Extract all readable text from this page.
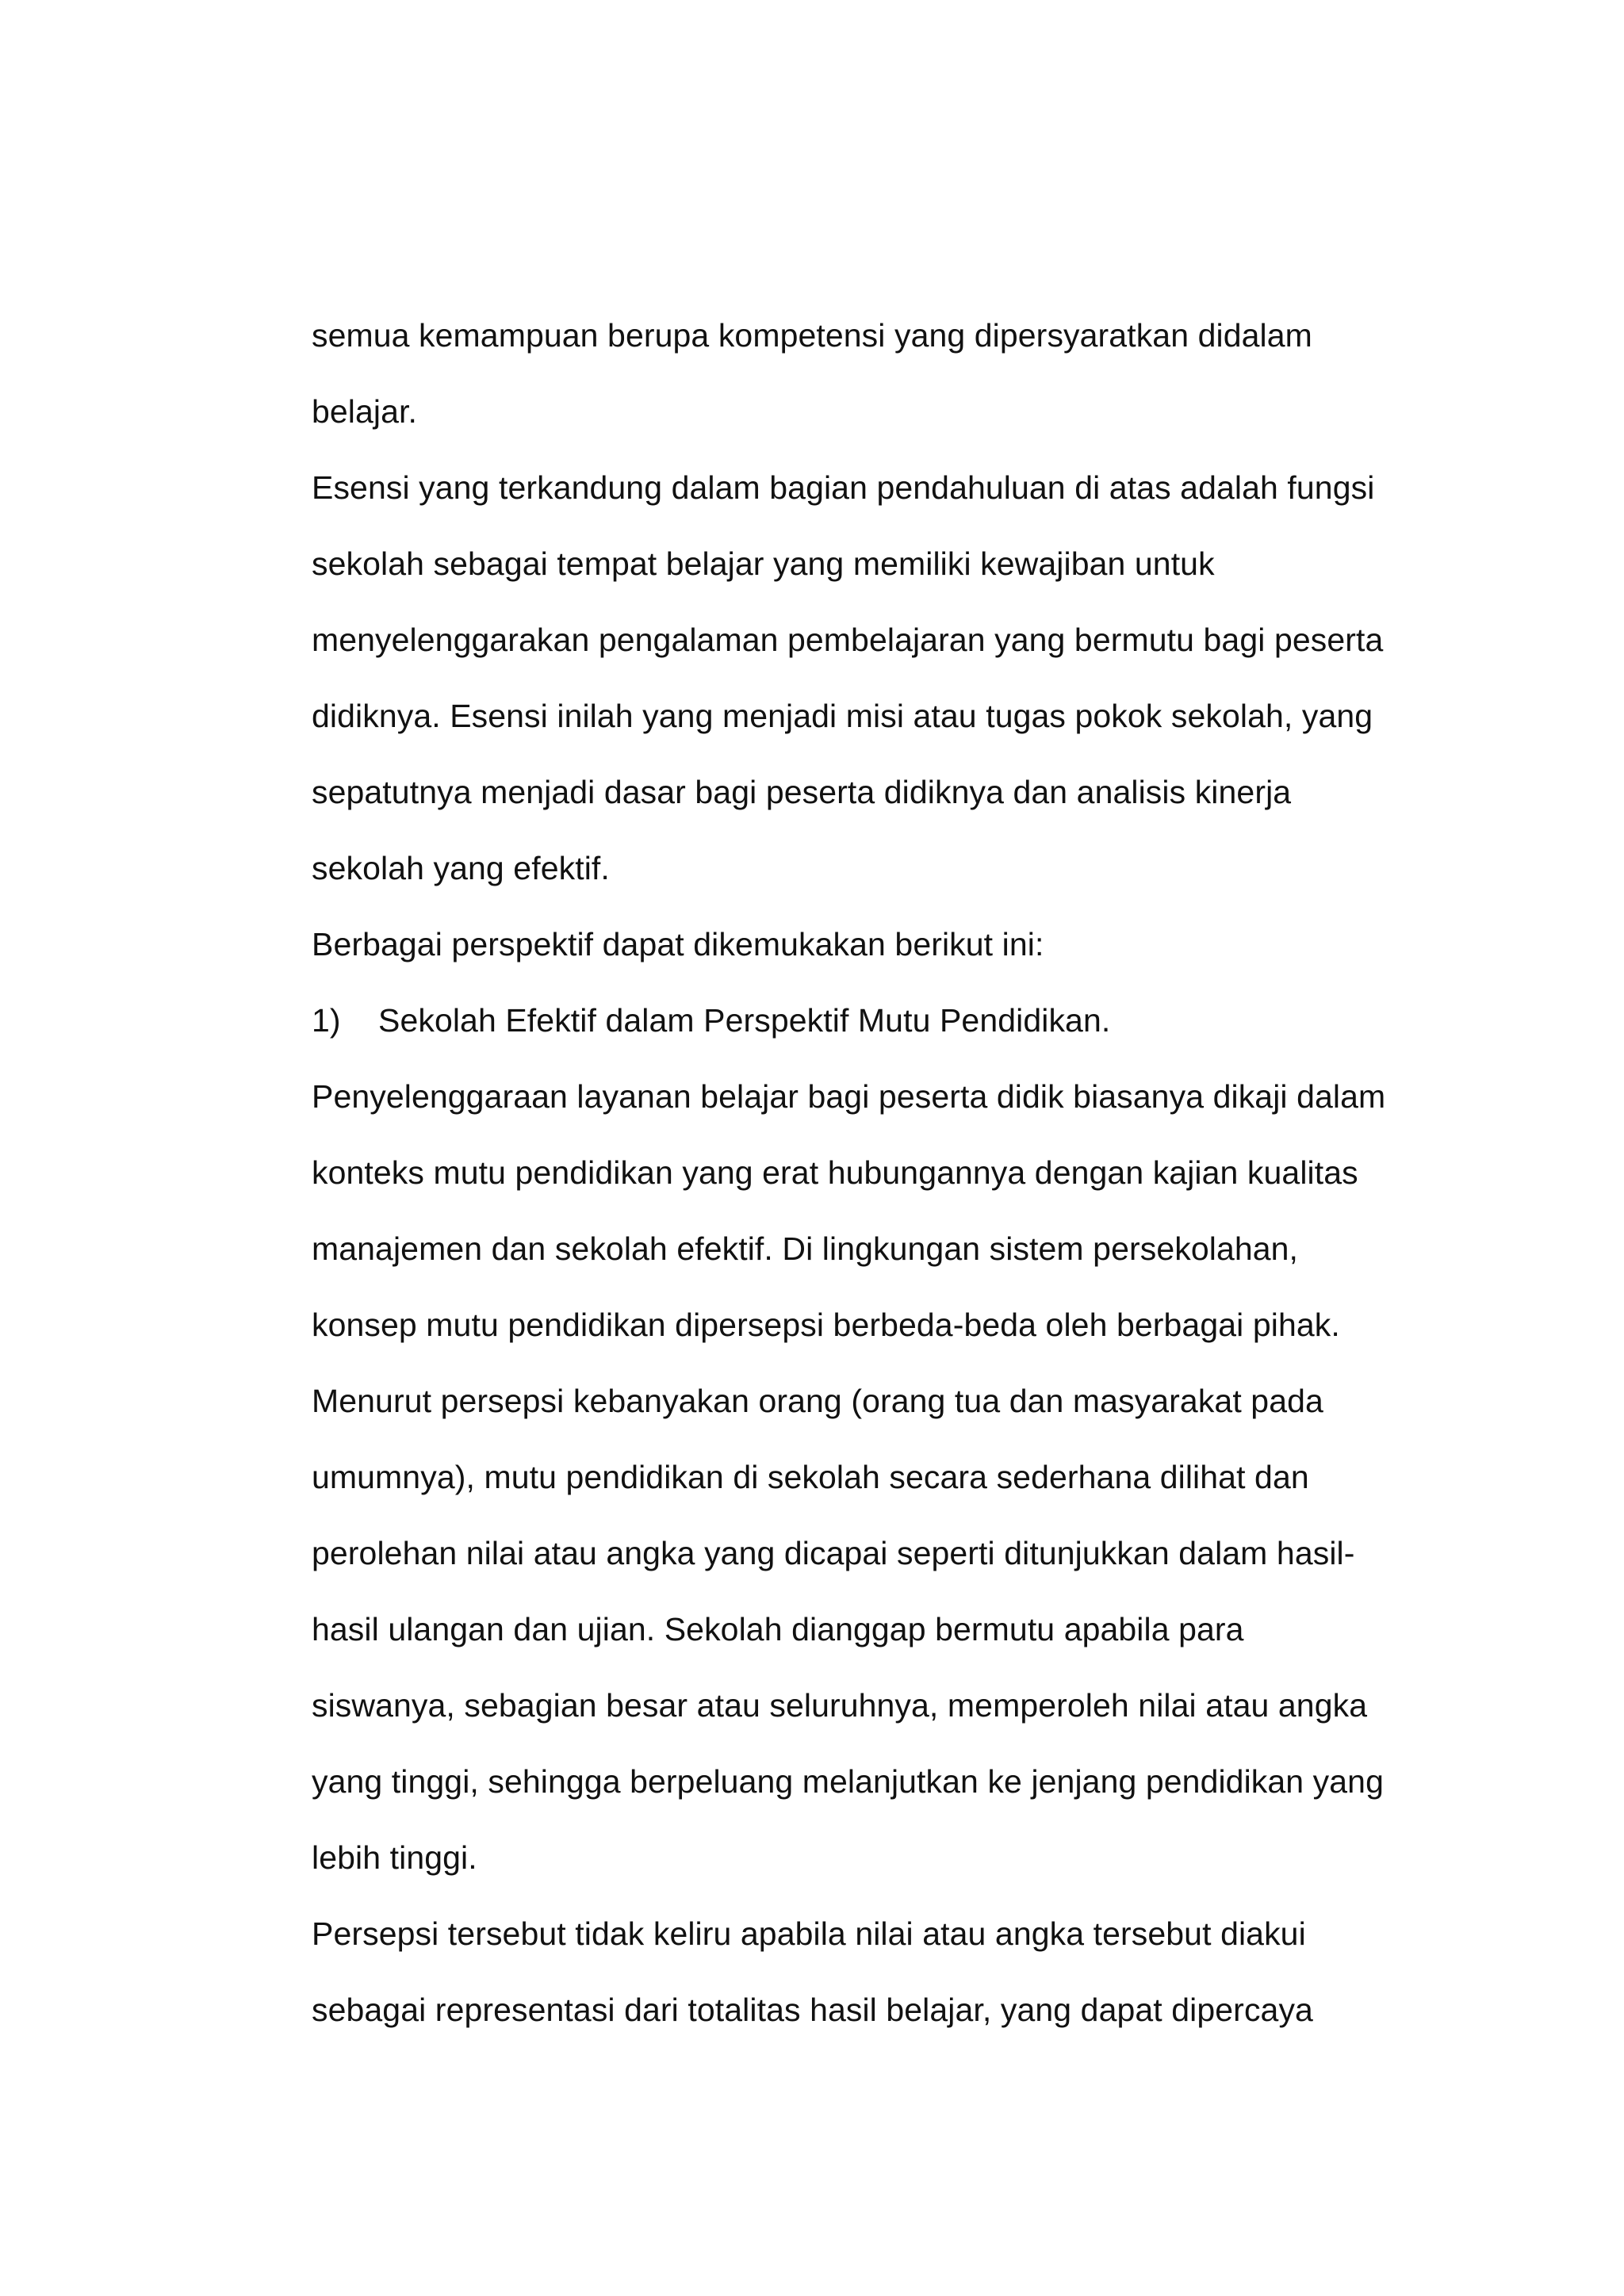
semua kemampuan berupa kompetensi yang dipersyaratkan didalam
belajar.
Esensi yang terkandung dalam bagian pendahuluan di atas adalah fungsi
sekolah sebagai tempat belajar yang memiliki kewajiban untuk
menyelenggarakan pengalaman pembelajaran yang bermutu bagi peserta
didiknya. Esensi inilah yang menjadi misi atau tugas pokok sekolah, yang
sepatutnya menjadi dasar bagi peserta didiknya dan analisis kinerja
sekolah yang efektif.
Berbagai perspektif dapat dikemukakan berikut ini:
1)	Sekolah Efektif dalam Perspektif Mutu Pendidikan.
Penyelenggaraan layanan belajar bagi peserta didik biasanya dikaji dalam
konteks mutu pendidikan yang erat hubungannya dengan kajian kualitas
manajemen dan sekolah efektif. Di lingkungan sistem persekolahan,
konsep mutu pendidikan dipersepsi berbeda-beda oleh berbagai pihak.
Menurut persepsi kebanyakan orang (orang tua dan masyarakat pada
umumnya), mutu pendidikan di sekolah secara sederhana dilihat dan
perolehan nilai atau angka yang dicapai seperti ditunjukkan dalam hasil-
hasil ulangan dan ujian. Sekolah dianggap bermutu apabila para
siswanya, sebagian besar atau seluruhnya, memperoleh nilai atau angka
yang tinggi, sehingga berpeluang melanjutkan ke jenjang pendidikan yang
lebih tinggi.
Persepsi tersebut tidak keliru apabila nilai atau angka tersebut diakui
sebagai representasi dari totalitas hasil belajar, yang dapat dipercaya
